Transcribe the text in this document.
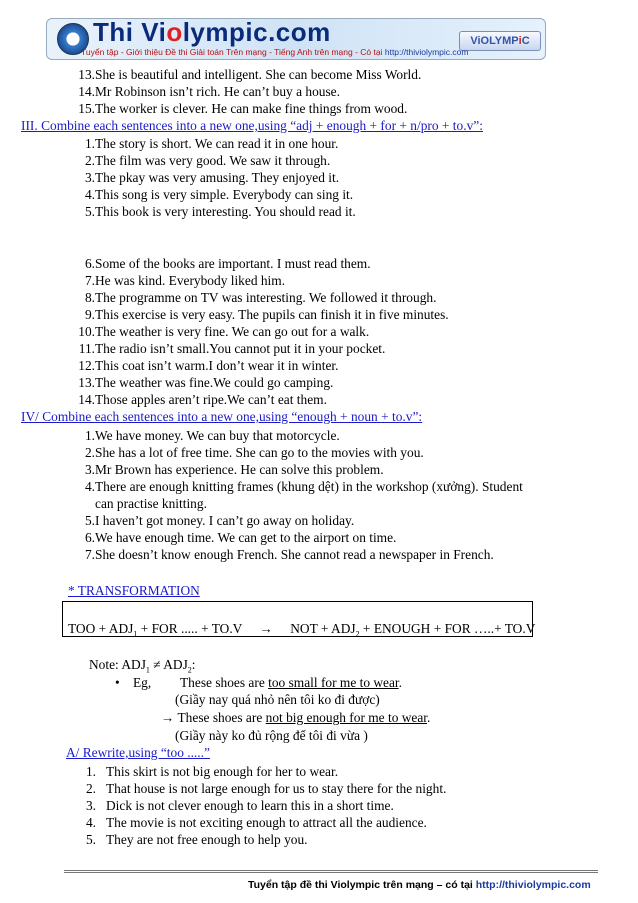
Thi Violympic.com	ViOLYMPiC
Tuyển tập - Giới thiệu Đề thi Giải toán Trên mạng - Tiếng Anh trên mạng - Có tại http://thiviolympic.com
13. She is beautiful and intelligent. She can become Miss World.
14. Mr Robinson isn’t rich. He can’t buy a house.
15. The worker is clever. He can make fine things from wood.
III. Combine each sentences into a new one,using “adj + enough + for + n/pro + to.v”:
1. The story is short. We can read it in one hour.
2. The film was very good. We saw it through.
3. The pkay was very amusing. They enjoyed it.
4. This song is very simple. Everybody can sing it.
5. This book is very interesting. You should read it.
6. Some of the books are important. I must read them.
7. He was kind. Everybody liked him.
8. The programme on TV was interesting. We followed it through.
9. This exercise is very easy. The pupils can finish it in five minutes.
10. The weather is very fine. We can go out for a walk.
11. The radio isn’t small.You cannot put it in your pocket.
12. This coat isn’t warm.I don’t wear it in winter.
13. The weather was fine.We could go camping.
14. Those apples aren’t ripe.We can’t eat them.
IV/ Combine each sentences into a new one,using “enough + noun + to.v”:
1. We have money. We can buy that motorcycle.
2. She has a lot of free time. She can go to the movies with you.
3. Mr Brown has experience. He can solve this problem.
4. There are enough knitting frames (khung dệt) in the workshop (xưởng). Student
can practise knitting.
5. I haven’t got money. I can’t go away on holiday.
6. We have enough time. We can get to the airport on time.
7. She doesn’t know enough French. She cannot read a newspaper in French.
* TRANSFORMATION
TOO + $ADJ_1$ + FOR ..... + TO.V → NOT + $ADJ_2$ + ENOUGH + FOR …..+ TO.V
Note: $ADJ_1 \ne ADJ_2$:
• Eg, These shoes are too small for me to wear.
(Giầy nay quá nhỏ nên tôi ko đi được)
→ These shoes are not big enough for me to wear.
(Giầy này ko đủ rộng để tôi đi vừa )
A/ Rewrite,using “too .....”
1. This skirt is not big enough for her to wear.
2. That house is not large enough for us to stay there for the night.
3. Dick is not clever enough to learn this in a short time.
4. The movie is not exciting enough to attract all the audience.
5. They are not free enough to help you.
Tuyển tập đề thi Violympic trên mạng – có tại http://thiviolympic.com
